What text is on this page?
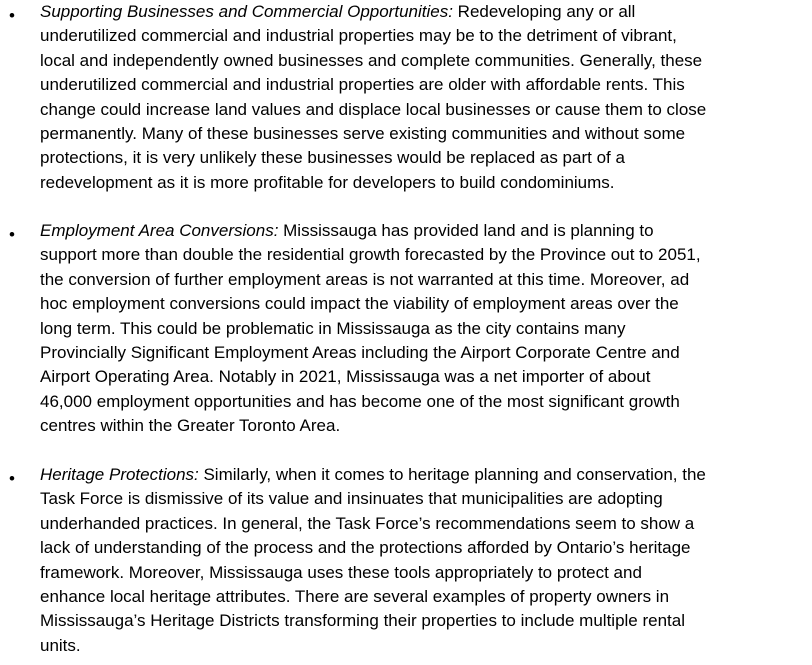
• Supporting Businesses and Commercial Opportunities: Redeveloping any or all
underutilized commercial and industrial properties may be to the detriment of vibrant,
local and independently owned businesses and complete communities. Generally, these
underutilized commercial and industrial properties are older with affordable rents. This
change could increase land values and displace local businesses or cause them to close
permanently. Many of these businesses serve existing communities and without some
protections, it is very unlikely these businesses would be replaced as part of a
redevelopment as it is more profitable for developers to build condominiums.

• Employment Area Conversions: Mississauga has provided land and is planning to
support more than double the residential growth forecasted by the Province out to 2051,
the conversion of further employment areas is not warranted at this time. Moreover, ad
hoc employment conversions could impact the viability of employment areas over the
long term. This could be problematic in Mississauga as the city contains many
Provincially Significant Employment Areas including the Airport Corporate Centre and
Airport Operating Area. Notably in 2021, Mississauga was a net importer of about
46,000 employment opportunities and has become one of the most significant growth
centres within the Greater Toronto Area.

• Heritage Protections: Similarly, when it comes to heritage planning and conservation, the
Task Force is dismissive of its value and insinuates that municipalities are adopting
underhanded practices. In general, the Task Force’s recommendations seem to show a
lack of understanding of the process and the protections afforded by Ontario’s heritage
framework. Moreover, Mississauga uses these tools appropriately to protect and
enhance local heritage attributes. There are several examples of property owners in
Mississauga’s Heritage Districts transforming their properties to include multiple rental
units.
